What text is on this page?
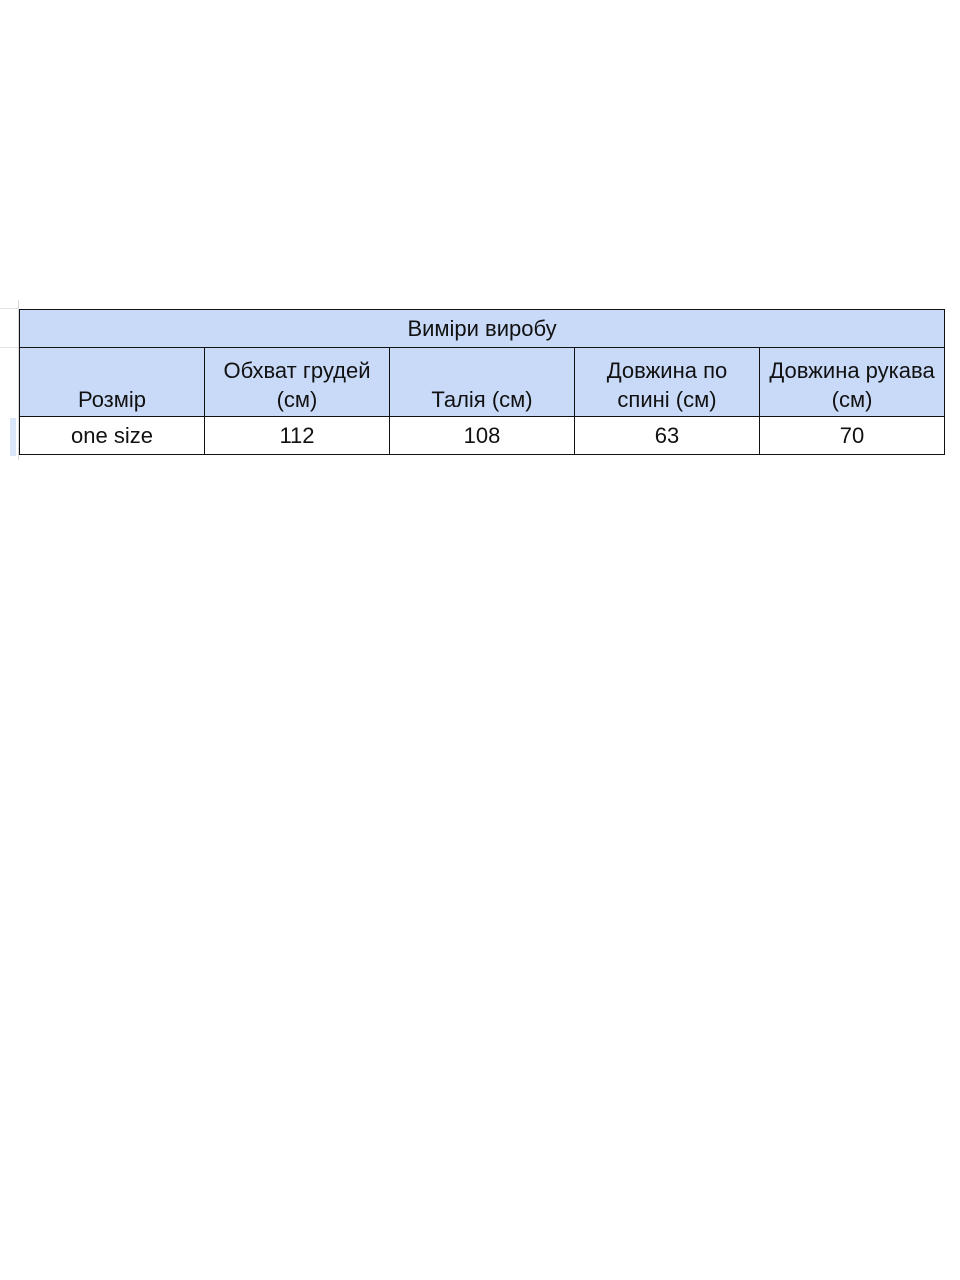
Виміри виробу				
Розмір	Обхват грудей (см)	Талія (см)	Довжина по спині (см)	Довжина рукава (см)
one size	112	108	63	70
